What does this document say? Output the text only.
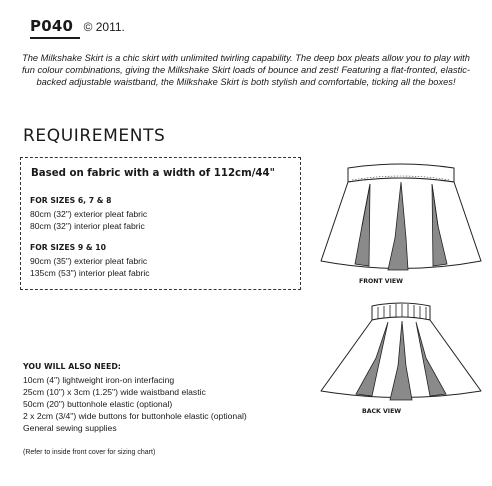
P040 © 2011.
The Milkshake Skirt is a chic skirt with unlimited twirling capability. The deep box pleats allow you to play with fun colour combinations, giving the Milkshake Skirt loads of bounce and zest! Featuring a flat-fronted, elastic-backed adjustable waistband, the Milkshake Skirt is both stylish and comfortable, ticking all the boxes!
REQUIREMENTS
Based on fabric with a width of 112cm/44"
FOR SIZES 6, 7 & 8
80cm (32") exterior pleat fabric
80cm (32") interior pleat fabric
FOR SIZES 9 & 10
90cm (35") exterior pleat fabric
135cm (53") interior pleat fabric
FRONT VIEW
BACK VIEW
YOU WILL ALSO NEED:
10cm (4") lightweight iron-on interfacing
25cm (10") x 3cm (1.25") wide waistband elastic
50cm (20") buttonhole elastic (optional)
2 x 2cm (3/4") wide buttons for buttonhole elastic (optional)
General sewing supplies
(Refer to inside front cover for sizing chart)
